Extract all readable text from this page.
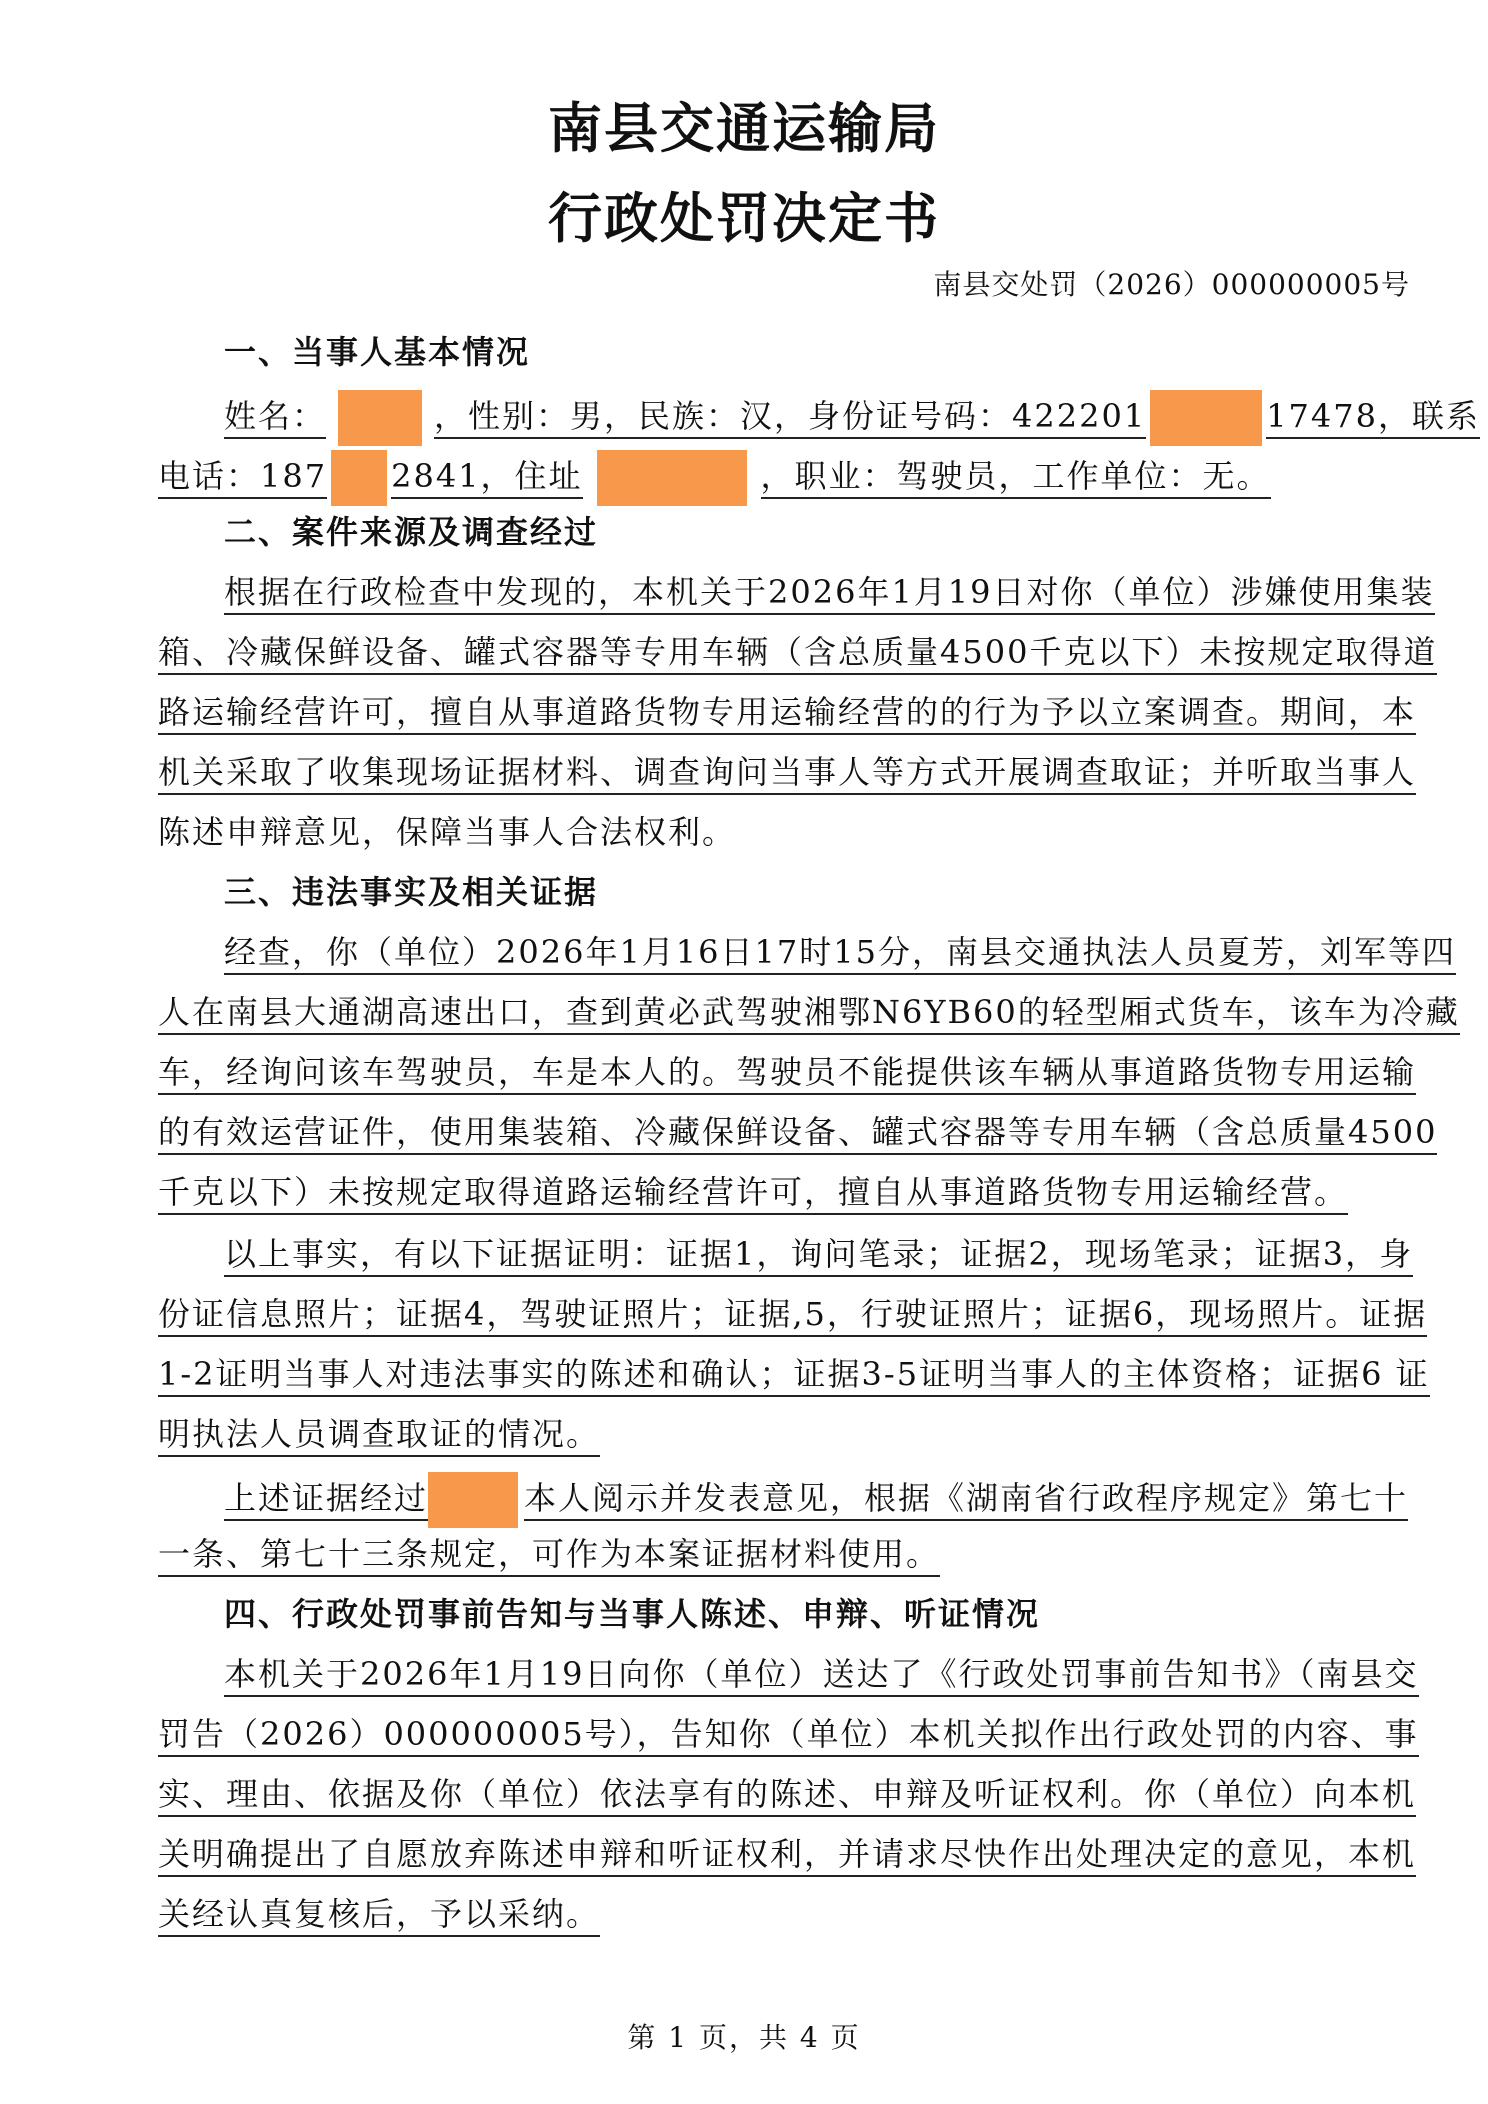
南县交通运输局
行政处罚决定书
南县交处罚（2026）000000005号
一、当事人基本情况
姓名：	，性别：男，民族：汉，身份证号码：422201	17478，联系
电话：187 2841，住址	，职业：驾驶员，工作单位：无。
二、案件来源及调查经过
根据在行政检查中发现的，本机关于2026年1月19日对你（单位）涉嫌使用集装
箱、冷藏保鲜设备、罐式容器等专用车辆（含总质量4500千克以下）未按规定取得道
路运输经营许可，擅自从事道路货物专用运输经营的的行为予以立案调查。期间，本
机关采取了收集现场证据材料、调查询问当事人等方式开展调查取证；并听取当事人
陈述申辩意见，保障当事人合法权利。
三、违法事实及相关证据
经查，你（单位）2026年1月16日17时15分，南县交通执法人员夏芳，刘军等四
人在南县大通湖高速出口，查到黄必武驾驶湘鄂N6YB60的轻型厢式货车，该车为冷藏
车，经询问该车驾驶员，车是本人的。驾驶员不能提供该车辆从事道路货物专用运输
的有效运营证件，使用集装箱、冷藏保鲜设备、罐式容器等专用车辆（含总质量4500
千克以下）未按规定取得道路运输经营许可，擅自从事道路货物专用运输经营。
以上事实，有以下证据证明：证据1，询问笔录；证据2，现场笔录；证据3，身
份证信息照片；证据4，驾驶证照片；证据,5，行驶证照片；证据6，现场照片。证据
1-2证明当事人对违法事实的陈述和确认；证据3-5证明当事人的主体资格；证据6 证
明执法人员调查取证的情况。
上述证据经过	本人阅示并发表意见，根据《湖南省行政程序规定》第七十
一条、第七十三条规定，可作为本案证据材料使用。
四、行政处罚事前告知与当事人陈述、申辩、听证情况
本机关于2026年1月19日向你（单位）送达了《行政处罚事前告知书》（南县交
罚告（2026）000000005号），告知你（单位）本机关拟作出行政处罚的内容、事
实、理由、依据及你（单位）依法享有的陈述、申辩及听证权利。你（单位）向本机
关明确提出了自愿放弃陈述申辩和听证权利，并请求尽快作出处理决定的意见，本机
关经认真复核后，予以采纳。
第 1 页，共 4 页
